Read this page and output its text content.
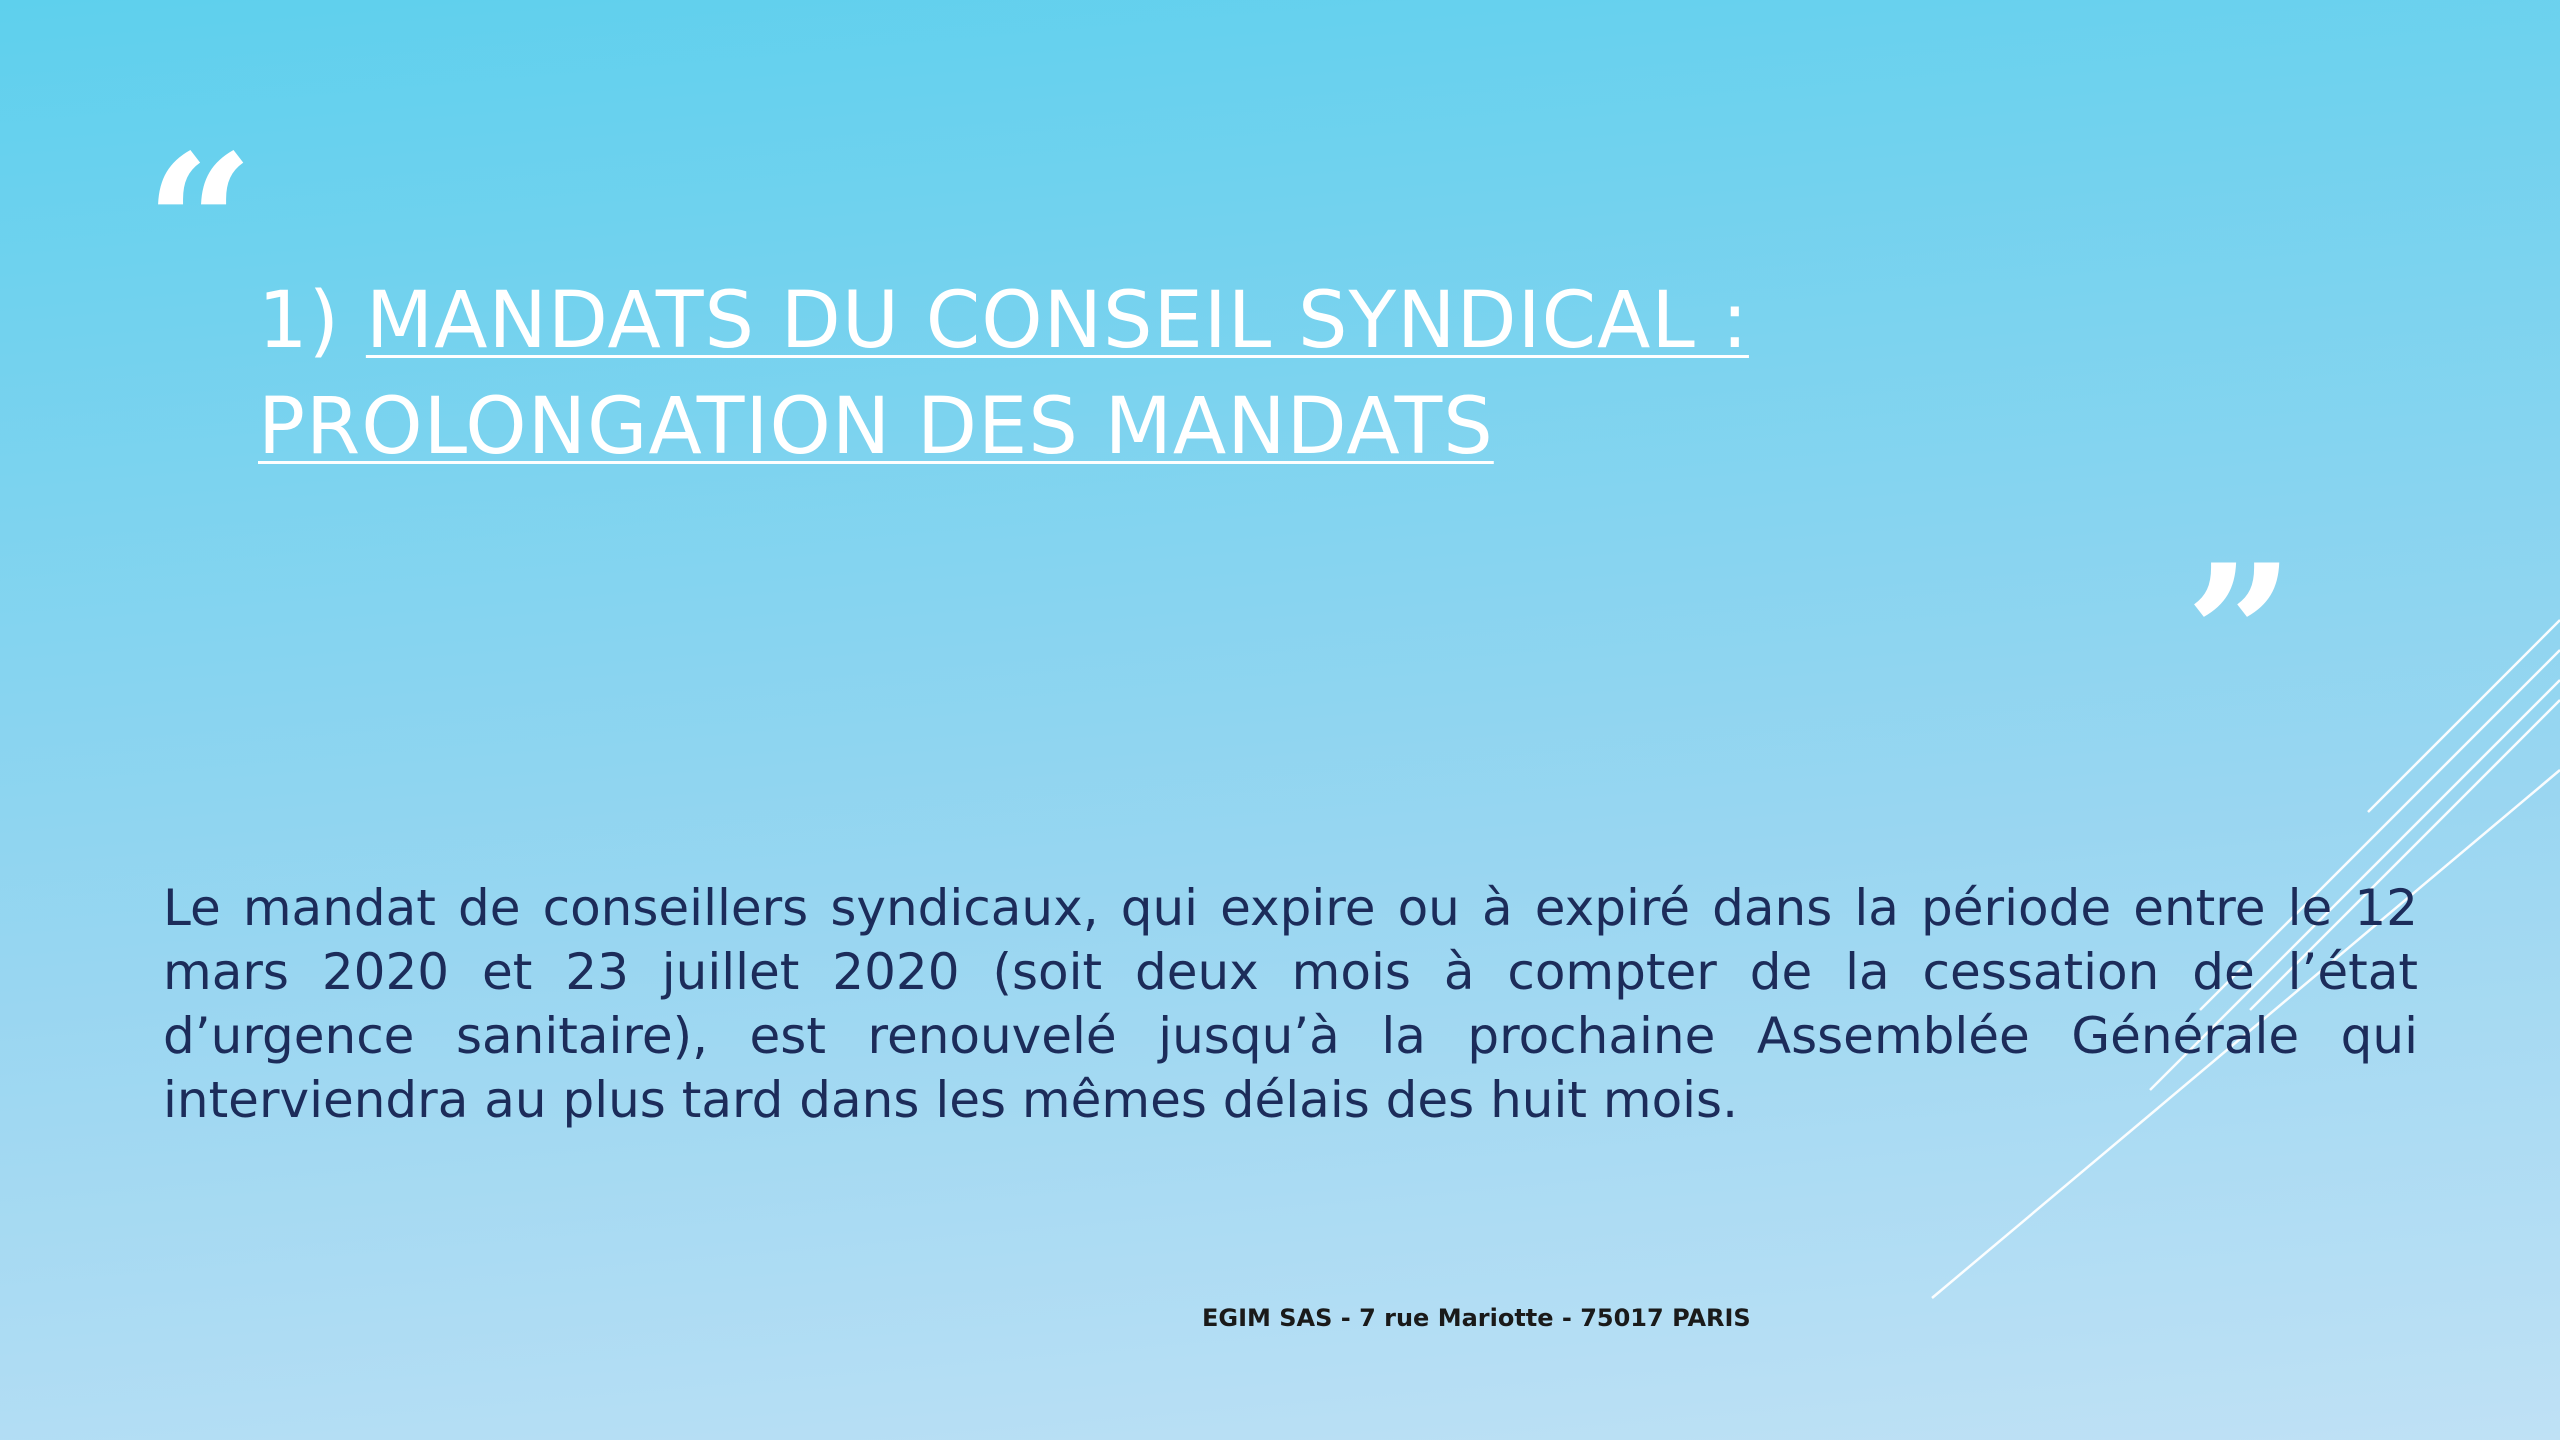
“ 1) MANDATS DU CONSEIL SYNDICAL :
PROLONGATION DES MANDATS
”

Le mandat de conseillers syndicaux, qui expire ou à expiré dans la période entre le 12 mars 2020 et 23 juillet 2020 (soit deux mois à compter de la cessation de l’état d’urgence sanitaire), est renouvelé jusqu’à la prochaine Assemblée Générale qui interviendra au plus tard dans les mêmes délais des huit mois.

EGIM SAS - 7 rue Mariotte - 75017 PARIS
